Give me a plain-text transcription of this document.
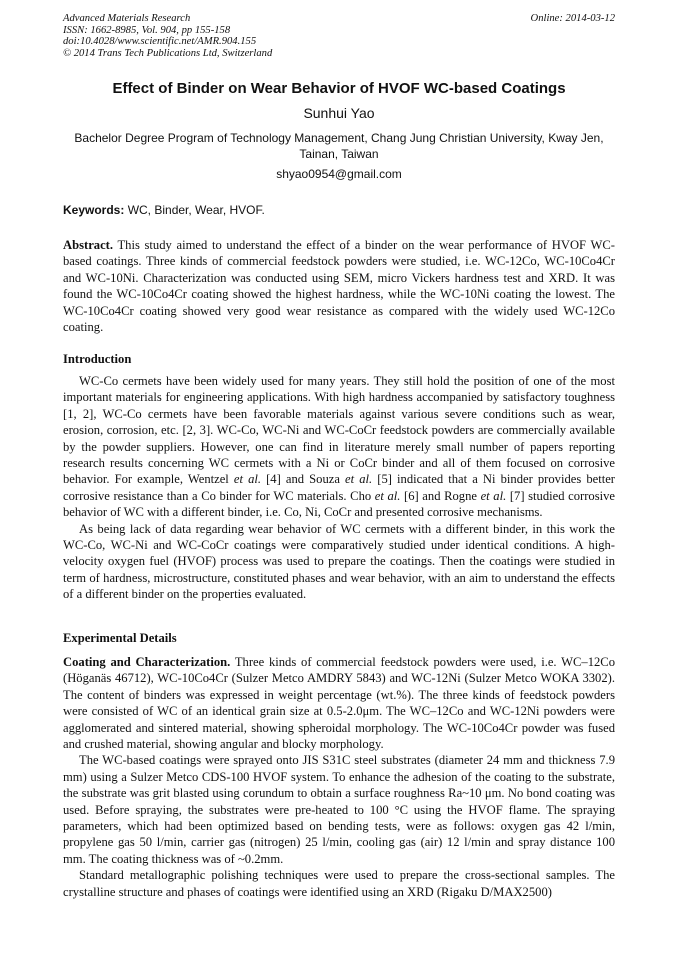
Advanced Materials Research
ISSN: 1662-8985, Vol. 904, pp 155-158
doi:10.4028/www.scientific.net/AMR.904.155
© 2014 Trans Tech Publications Ltd, Switzerland
Online: 2014-03-12
Effect of Binder on Wear Behavior of HVOF WC-based Coatings
Sunhui Yao
Bachelor Degree Program of Technology Management, Chang Jung Christian University, Kway Jen, Tainan, Taiwan
shyao0954@gmail.com
Keywords: WC, Binder, Wear, HVOF.

Abstract. This study aimed to understand the effect of a binder on the wear performance of HVOF WC-based coatings. Three kinds of commercial feedstock powders were studied, i.e. WC-12Co, WC-10Co4Cr and WC-10Ni. Characterization was conducted using SEM, micro Vickers hardness test and XRD. It was found the WC-10Co4Cr coating showed the highest hardness, while the WC-10Ni coating the lowest. The WC-10Co4Cr coating showed very good wear resistance as compared with the widely used WC-12Co coating.

Introduction

WC-Co cermets have been widely used for many years. They still hold the position of one of the most important materials for engineering applications. With high hardness accompanied by satisfactory toughness [1, 2], WC-Co cermets have been favorable materials against various severe conditions such as wear, erosion, corrosion, etc. [2, 3]. WC-Co, WC-Ni and WC-CoCr feedstock powders are commercially available by the powder suppliers. However, one can find in literature merely small number of papers reporting research results concerning WC cermets with a Ni or CoCr binder and all of them focused on corrosive behavior. For example, Wentzel et al. [4] and Souza et al. [5] indicated that a Ni binder provides better corrosive resistance than a Co binder for WC materials. Cho et al. [6] and Rogne et al. [7] studied corrosive behavior of WC with a different binder, i.e. Co, Ni, CoCr and presented corrosive mechanisms.

As being lack of data regarding wear behavior of WC cermets with a different binder, in this work the WC-Co, WC-Ni and WC-CoCr coatings were comparatively studied under identical conditions. A high-velocity oxygen fuel (HVOF) process was used to prepare the coatings. Then the coatings were studied in term of hardness, microstructure, constituted phases and wear behavior, with an aim to understand the effects of a different binder on the properties evaluated.

Experimental Details

Coating and Characterization. Three kinds of commercial feedstock powders were used, i.e. WC–12Co (Höganäs 46712), WC-10Co4Cr (Sulzer Metco AMDRY 5843) and WC-12Ni (Sulzer Metco WOKA 3302). The content of binders was expressed in weight percentage (wt.%). The three kinds of feedstock powders were consisted of WC of an identical grain size at 0.5-2.0μm. The WC–12Co and WC-12Ni powders were agglomerated and sintered material, showing spheroidal morphology. The WC-10Co4Cr powder was fused and crushed material, showing angular and blocky morphology.

The WC-based coatings were sprayed onto JIS S31C steel substrates (diameter 24 mm and thickness 7.9 mm) using a Sulzer Metco CDS-100 HVOF system. To enhance the adhesion of the coating to the substrate, the substrate was grit blasted using corundum to obtain a surface roughness Ra~10 μm. No bond coating was used. Before spraying, the substrates were pre-heated to 100 °C using the HVOF flame. The spraying parameters, which had been optimized based on bending tests, were as follows: oxygen gas 42 l/min, propylene gas 50 l/min, carrier gas (nitrogen) 25 l/min, cooling gas (air) 12 l/min and spray distance 100 mm. The coating thickness was of ~0.2mm.

Standard metallographic polishing techniques were used to prepare the cross-sectional samples. The crystalline structure and phases of coatings were identified using an XRD (Rigaku D/MAX2500)
